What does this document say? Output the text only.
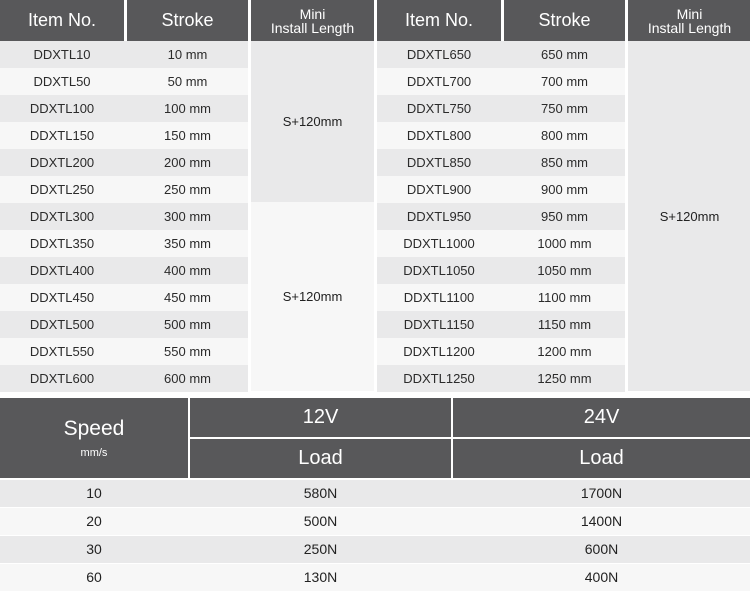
Item No.	Stroke	Mini
Install Length
DDXTL10	10 mm
DDXTL50	50 mm
DDXTL100	100 mm
DDXTL150	150 mm
DDXTL200	200 mm
DDXTL250	250 mm
DDXTL300	300 mm
DDXTL350	350 mm
DDXTL400	400 mm
DDXTL450	450 mm
DDXTL500	500 mm
DDXTL550	550 mm
DDXTL600	600 mm
S+120mm
S+120mm
Item No.	Stroke	Mini
Install Length
DDXTL650	650 mm
DDXTL700	700 mm
DDXTL750	750 mm
DDXTL800	800 mm
DDXTL850	850 mm
DDXTL900	900 mm
DDXTL950	950 mm
DDXTL1000	1000 mm
DDXTL1050	1050 mm
DDXTL1100	1100 mm
DDXTL1150	1150 mm
DDXTL1200	1200 mm
DDXTL1250	1250 mm
S+120mm
Speed
mm/s
12V	24V
Load	Load
10	580N	1700N
20	500N	1400N
30	250N	600N
60	130N	400N
